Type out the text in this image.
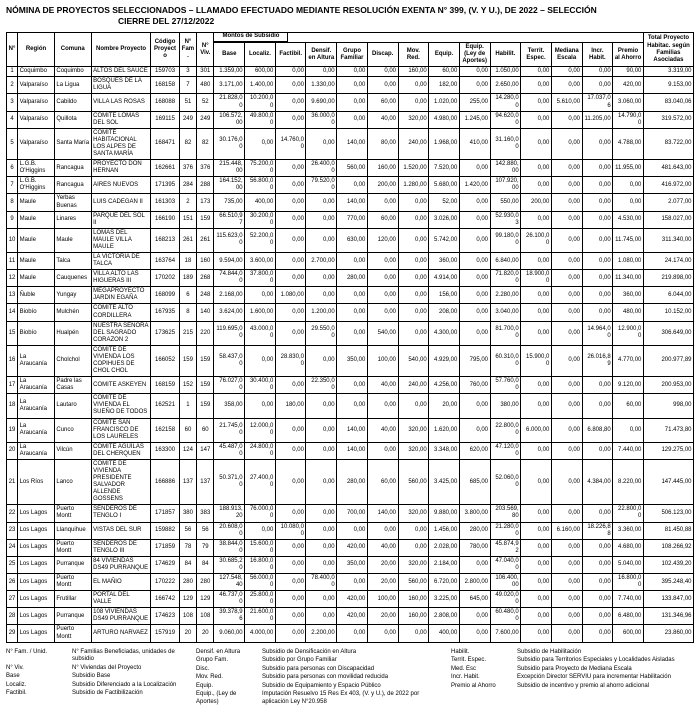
NÓMINA DE PROYECTOS SELECCIONADOS – LLAMADO EFECTUADO MEDIANTE RESOLUCIÓN EXENTA N° 399, (V. Y U.), DE 2022 – SELECCIÓN
CIERRE DEL 27/12/2022
N°	Región	Comuna	Nombre Proyecto	Código Proyecto	N° Fam.	N° Viv.	Montos de Subsidio														Total Proyecto Habitac. según Familias Asociadas
							Base	Localiz.	Factibil.	Densif. en Altura	Grupo Familiar	Discap.	Mov. Red.	Equip.	Equip. (Ley de Aportes)	Habilit.	Territ. Espec.	Mediana Escala	Incr. Habit.	Premio al Ahorro	
1	Coquimbo	Coquimbo	ALTOS DEL SAUCE	159703	3	301	1.359,00	600,00	0,00	0,00	0,00	0,00	160,00	60,00	0,00	1.050,00	0,00	0,00	0,00	90,00	3.319,00
2	Valparaíso	La Ligua	BOSQUES DE LA LIGUA	168158	7	480	3.171,00	1.400,00	0,00	1.330,00	0,00	0,00	0,00	182,00	0,00	2.650,00	0,00	0,00	0,00	420,00	9.153,00
3	Valparaíso	Cabildo	VILLA LAS ROSAS	168088	51	52	21.828,00	10.200,00	0,00	9.690,00	0,00	60,00	0,00	1.020,00	255,00	14.280,00	0,00	5.610,00	17.037,06	3.060,00	83.040,06
4	Valparaíso	Quillota	COMITE LOMAS DEL SOL	169115	249	249	106.572,00	49.800,00	0,00	36.000,00	0,00	40,00	320,00	4.980,00	1.245,00	94.620,00	0,00	0,00	11.205,00	14.790,00	319.572,00
5	Valparaíso	Santa María	COMITÉ HABITACIONAL LOS ALPES DE SANTA MARÍA	168471	82	82	30.176,00	0,00	14.760,00	0,00	140,00	80,00	240,00	1.968,00	410,00	31.160,00	0,00	0,00	0,00	4.788,00	83.722,00
6	L.G.B. O'Higgins	Rancagua	PROYECTO DON HERNAN	162661	376	376	215.448,00	75.200,00	0,00	26.400,00	560,00	160,00	1.520,00	7.520,00	0,00	142.880,00	0,00	0,00	0,00	11.955,00	481.643,00
7	L.G.B. O'Higgins	Rancagua	AIRES NUEVOS	171395	284	288	164.152,00	56.800,00	0,00	79.520,00	0,00	200,00	1.280,00	5.680,00	1.420,00	107.920,00	0,00	0,00	0,00	0,00	416.972,00
8	Maule	Yerbas Buenas	LUIS CADEGAN II	161303	2	173	735,00	400,00	0,00	0,00	140,00	0,00	0,00	52,00	0,00	550,00	200,00	0,00	0,00	0,00	2.077,00
9	Maule	Linares	PARQUE DEL SOL II	166190	151	159	66.510,97	30.200,00	0,00	0,00	770,00	60,00	0,00	3.026,00	0,00	52.930,03	0,00	0,00	0,00	4.530,00	158.027,00
10	Maule	Maule	LOMAS DEL MAULE VILLA MAULE	168213	261	261	115.623,00	52.200,00	0,00	0,00	630,00	120,00	0,00	5.742,00	0,00	99.180,00	26.100,00	0,00	0,00	11.745,00	311.340,00
11	Maule	Talca	LA VICTORIA DE TALCA	163764	18	160	9.594,00	3.600,00	0,00	2.700,00	0,00	0,00	0,00	360,00	0,00	6.840,00	0,00	0,00	0,00	1.080,00	24.174,00
12	Maule	Cauquenes	VILLA ALTO LAS HIGUERAS III	170202	189	268	74.844,00	37.800,00	0,00	0,00	280,00	0,00	0,00	4.914,00	0,00	71.820,00	18.900,00	0,00	0,00	11.340,00	219.898,00
13	Ñuble	Yungay	MEGAPROYECTO JARDIN EGAÑA	168099	6	248	2.168,00	0,00	1.080,00	0,00	0,00	0,00	0,00	156,00	0,00	2.280,00	0,00	0,00	0,00	360,00	6.044,00
14	Biobío	Mulchén	COMITE ALTO CORDILLERA	167935	8	140	3.624,00	1.600,00	0,00	1.200,00	0,00	0,00	0,00	208,00	0,00	3.040,00	0,00	0,00	0,00	480,00	10.152,00
15	Biobío	Hualpén	NUESTRA SEÑORA DEL SAGRADO CORAZON 2	173625	215	220	119.695,00	43.000,00	0,00	29.550,00	0,00	540,00	0,00	4.300,00	0,00	81.700,00	0,00	0,00	14.964,00	12.900,00	306.649,00
16	La Araucanía	Cholchol	COMITE DE VIVIENDA LOS COPIHUES DE CHOL CHOL	166052	159	159	58.437,00	0,00	28.830,00	0,00	350,00	100,00	540,00	4.929,00	795,00	60.310,00	15.900,00	0,00	26.016,89	4.770,00	200.977,89
17	La Araucanía	Padre las Casas	COMITE ASKEYEN	168159	152	159	76.027,00	30.400,00	0,00	22.350,00	0,00	40,00	240,00	4.256,00	760,00	57.760,00	0,00	0,00	0,00	9.120,00	200.953,00
18	La Araucanía	Lautaro	COMITE DE VIVIENDA EL SUEÑO DE TODOS	162521	1	159	358,00	0,00	180,00	0,00	0,00	0,00	0,00	20,00	0,00	380,00	0,00	0,00	0,00	60,00	998,00
19	La Araucanía	Cunco	COMITE SAN FRANCISCO DE LOS LAURELES	162158	60	60	21.745,00	12.000,00	0,00	0,00	140,00	40,00	320,00	1.620,00	0,00	22.800,00	6.000,00	0,00	6.808,80	0,00	71.473,80
20	La Araucanía	Vilcún	COMITE AGUILAS DEL CHERQUEN	163300	124	147	45.487,00	24.800,00	0,00	0,00	140,00	0,00	320,00	3.348,00	620,00	47.120,00	0,00	0,00	0,00	7.440,00	129.275,00
21	Los Ríos	Lanco	COMITÉ DE VIVIENDA PRESIDENTE SALVADOR ALLENDE GOSSENS	166886	137	137	50.371,00	27.400,00	0,00	0,00	280,00	60,00	560,00	3.425,00	685,00	52.060,00	0,00	0,00	4.384,00	8.220,00	147.445,00
22	Los Lagos	Puerto Montt	SENDEROS DE TENGLO I	171857	380	383	188.913,20	76.000,00	0,00	0,00	700,00	140,00	320,00	9.880,00	3.800,00	203.569,80	0,00	0,00	0,00	22.800,00	506.123,00
23	Los Lagos	Llanquihue	VISTAS DEL SUR	159882	56	56	20.608,00	0,00	10.080,00	0,00	0,00	0,00	0,00	1.456,00	280,00	21.280,00	0,00	6.160,00	18.226,88	3.360,00	81.450,88
24	Los Lagos	Puerto Montt	SENDEROS DE TENGLO III	171859	78	79	38.844,00	15.600,00	0,00	0,00	420,00	40,00	0,00	2.028,00	780,00	45.874,92	0,00	0,00	0,00	4.680,00	108.266,92
25	Los Lagos	Purranque	84 VIVIENDAS DS49 PURRANQUE	174629	84	84	30.685,20	16.800,00	0,00	0,00	350,00	20,00	320,00	2.184,00	0,00	47.040,00	0,00	0,00	0,00	5.040,00	102.439,20
26	Los Lagos	Puerto Montt	EL MAÑIO	170222	280	280	127.548,40	56.000,00	0,00	78.400,00	0,00	20,00	560,00	6.720,00	2.800,00	106.400,00	0,00	0,00	0,00	16.800,00	395.248,40
27	Los Lagos	Frutillar	PORTAL DEL VALLE	166742	129	129	46.737,00	25.800,00	0,00	0,00	420,00	100,00	160,00	3.225,00	645,00	49.020,00	0,00	0,00	0,00	7.740,00	133.847,00
28	Los Lagos	Purranque	108 VIVIENDAS DS49 PURRANQUE	174623	108	108	39.378,96	21.600,00	0,00	0,00	420,00	20,00	160,00	2.808,00	0,00	60.480,00	0,00	0,00	0,00	6.480,00	131.346,96
29	Los Lagos	Puerto Montt	ARTURO NARVAEZ	157919	20	20	9.060,00	4.000,00	0,00	2.200,00	0,00	0,00	0,00	400,00	0,00	7.600,00	0,00	0,00	0,00	600,00	23.860,00
N° Fam. / Unid.	N° Familias Beneficiadas, unidades de subsidio
N° Viv.	N° Viviendas del Proyecto
Base	Subsidio Base
Localiz.	Subsidio Diferenciado a la Localización
Factibil.	Subsidio de Factibilización
Densif. en Altura	Subsidio de Densificación en Altura
Grupo Fam.	Subsidio por Grupo Familiar
Disc.	Subsidio para personas con Discapacidad
Mov. Red.	Subsidio para personas con movilidad reducida
Equip.	Subsidio de Equipamiento y Espacio Público
Equip., (Ley de Aportes)
Imputación Resuelvo 15 Res Ex 403, (V. y U.), de 2022 por aplicación Ley N°20.958
Habilit.	Subsidio de Habilitación
Territ. Espec.	Subsidio para Territorios Especiales y Localidades Aisladas
Med. Esc	Subsidio para Proyecto de Mediana Escala
Incr. Habit.	Excepción Director SERVIU para incrementar Habilitación
Premio al Ahorro	Subsidio de incentivo y premio al ahorro adicional
